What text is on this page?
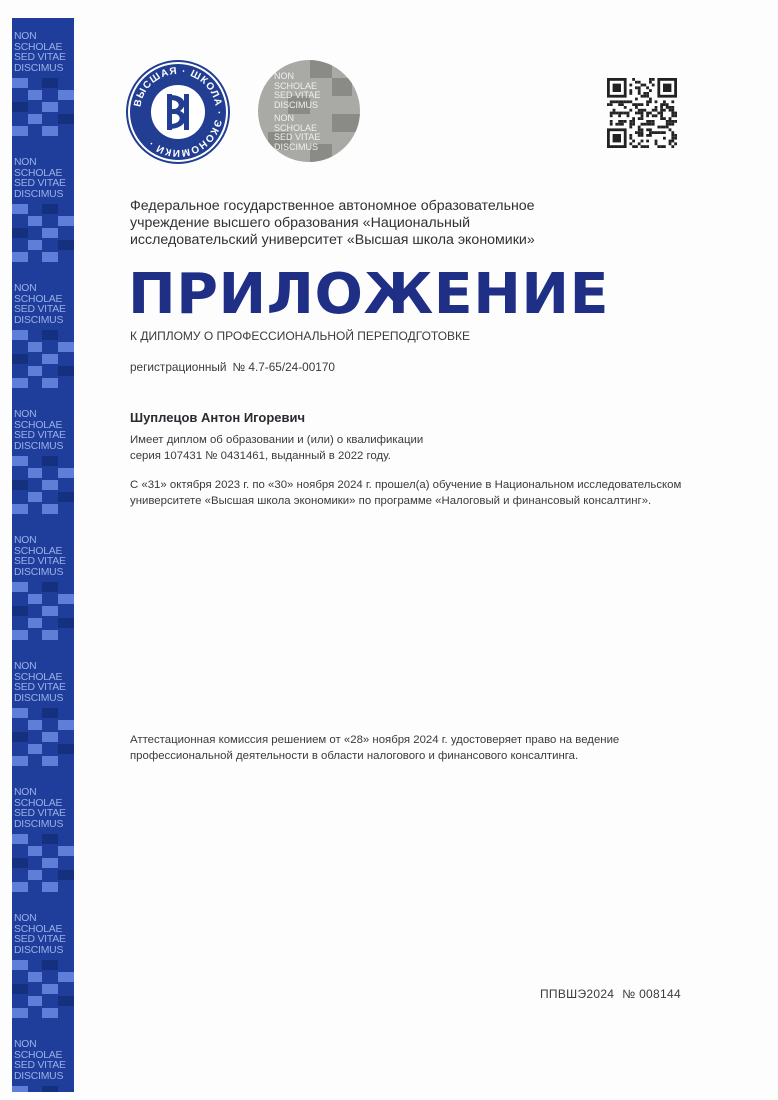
NON
SCHOLAE
SED VITAE
DISCIMUS
NON
SCHOLAE
SED VITAE
DISCIMUS
NON
SCHOLAE
SED VITAE
DISCIMUS
NON
SCHOLAE
SED VITAE
DISCIMUS
NON
SCHOLAE
SED VITAE
DISCIMUS
NON
SCHOLAE
SED VITAE
DISCIMUS
NON
SCHOLAE
SED VITAE
DISCIMUS
NON
SCHOLAE
SED VITAE
DISCIMUS
NON
SCHOLAE
SED VITAE
DISCIMUS
ВЫСШАЯ · ШКОЛА · ЭКОНОМИКИ ·
NON
SCHOLAE
SED VITAE
DISCIMUS
NON
SCHOLAE
SED VITAE
DISCIMUS
Федеральное государственное автономное образовательное учреждение высшего образования «Национальный исследовательский университет «Высшая школа экономики»
ПРИЛОЖЕНИЕ
К ДИПЛОМУ О ПРОФЕССИОНАЛЬНОЙ ПЕРЕПОДГОТОВКЕ
регистрационный № 4.7-65/24-00170
Шуплецов Антон Игоревич
Имеет диплом об образовании и (или) о квалификации
серия 107431 № 0431461, выданный в 2022 году.
С «31» октября 2023 г. по «30» ноября 2024 г. прошел(а) обучение в Национальном исследовательском
университете «Высшая школа экономики» по программе «Налоговый и финансовый консалтинг».
Аттестационная комиссия решением от «28» ноября 2024 г. удостоверяет право на ведение
профессиональной деятельности в области налогового и финансового консалтинга.
ППВШЭ2024 № 008144
